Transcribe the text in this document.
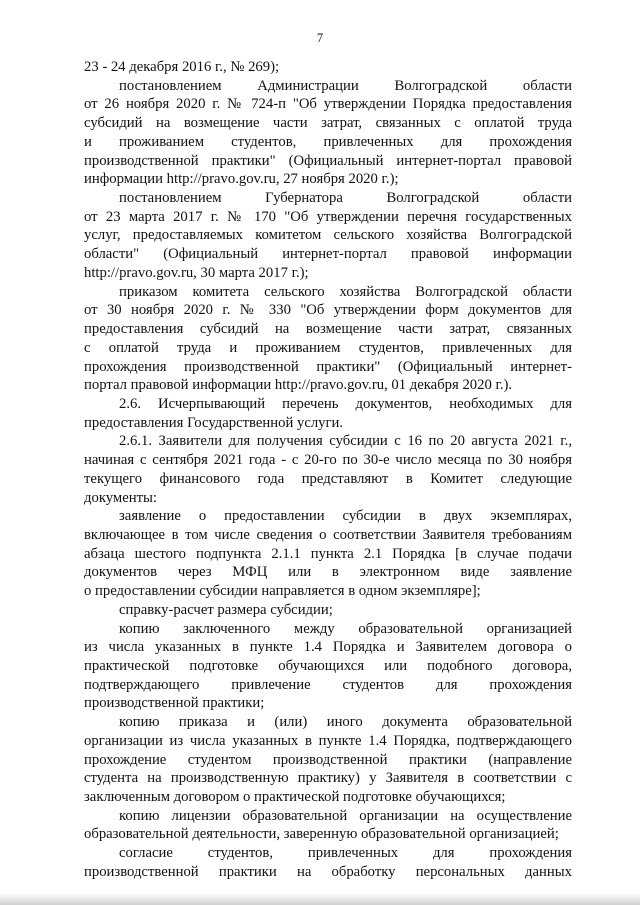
7
23 - 24 декабря 2016 г., № 269);
постановлением Администрации Волгоградской области
от 26 ноября 2020 г. № 724-п "Об утверждении Порядка предоставления
субсидий на возмещение части затрат, связанных с оплатой труда
и проживанием студентов, привлеченных для прохождения
производственной практики" (Официальный интернет-портал правовой
информации http://pravo.gov.ru, 27 ноября 2020 г.);
постановлением Губернатора Волгоградской области
от 23 марта 2017 г. № 170 "Об утверждении перечня государственных
услуг, предоставляемых комитетом сельского хозяйства Волгоградской
области" (Официальный интернет-портал правовой информации
http://pravo.gov.ru, 30 марта 2017 г.);
приказом комитета сельского хозяйства Волгоградской области
от 30 ноября 2020 г. № 330 "Об утверждении форм документов для
предоставления субсидий на возмещение части затрат, связанных
с оплатой труда и проживанием студентов, привлеченных для
прохождения производственной практики" (Официальный интернет-
портал правовой информации http://pravo.gov.ru, 01 декабря 2020 г.).
2.6. Исчерпывающий перечень документов, необходимых для
предоставления Государственной услуги.
2.6.1. Заявители для получения субсидии с 16 по 20 августа 2021 г.,
начиная с сентября 2021 года - с 20-го по 30-е число месяца по 30 ноября
текущего финансового года представляют в Комитет следующие
документы:
заявление о предоставлении субсидии в двух экземплярах,
включающее в том числе сведения о соответствии Заявителя требованиям
абзаца шестого подпункта 2.1.1 пункта 2.1 Порядка [в случае подачи
документов через МФЦ или в электронном виде заявление
о предоставлении субсидии направляется в одном экземпляре];
справку-расчет размера субсидии;
копию заключенного между образовательной организацией
из числа указанных в пункте 1.4 Порядка и Заявителем договора о
практической подготовке обучающихся или подобного договора,
подтверждающего привлечение студентов для прохождения
производственной практики;
копию приказа и (или) иного документа образовательной
организации из числа указанных в пункте 1.4 Порядка, подтверждающего
прохождение студентом производственной практики (направление
студента на производственную практику) у Заявителя в соответствии с
заключенным договором о практической подготовке обучающихся;
копию лицензии образовательной организации на осуществление
образовательной деятельности, заверенную образовательной организацией;
согласие студентов, привлеченных для прохождения
производственной практики на обработку персональных данных
